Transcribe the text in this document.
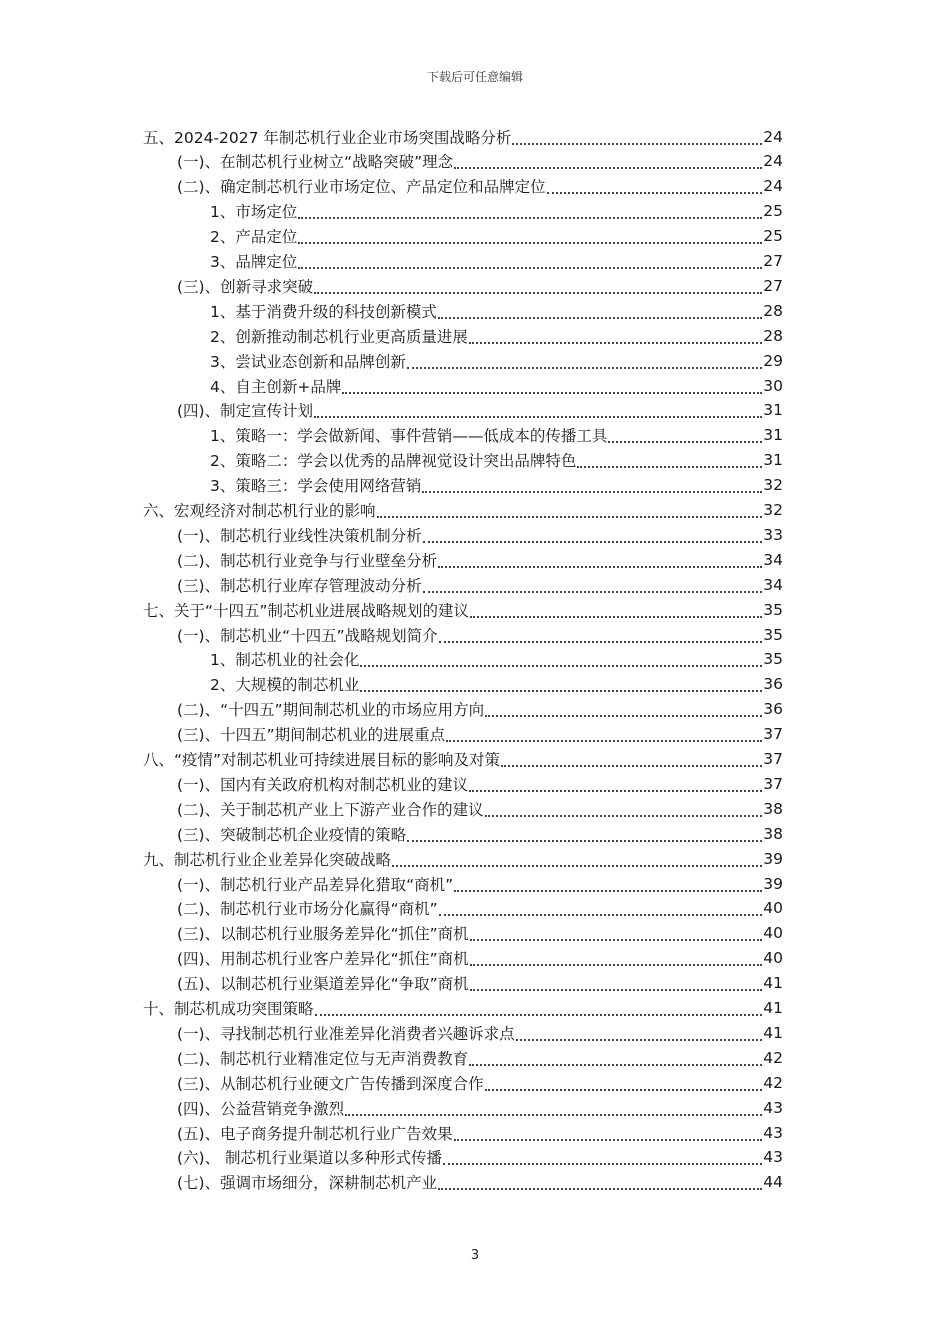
下载后可任意编辑
五、2024-2027 年制芯机行业企业市场突围战略分析	24
(一)、在制芯机行业树立“战略突破”理念	24
(二)、确定制芯机行业市场定位、产品定位和品牌定位	24
1、市场定位	25
2、产品定位	25
3、品牌定位	27
(三)、创新寻求突破	27
1、基于消费升级的科技创新模式	28
2、创新推动制芯机行业更高质量进展	28
3、尝试业态创新和品牌创新	29
4、自主创新+品牌	30
(四)、制定宣传计划	31
1、策略一：学会做新闻、事件营销——低成本的传播工具	31
2、策略二：学会以优秀的品牌视觉设计突出品牌特色	31
3、策略三：学会使用网络营销	32
六、宏观经济对制芯机行业的影响	32
(一)、制芯机行业线性决策机制分析	33
(二)、制芯机行业竞争与行业壁垒分析	34
(三)、制芯机行业库存管理波动分析	34
七、关于“十四五”制芯机业进展战略规划的建议	35
(一)、制芯机业“十四五”战略规划简介	35
1、制芯机业的社会化	35
2、大规模的制芯机业	36
(二)、“十四五”期间制芯机业的市场应用方向	36
(三)、十四五”期间制芯机业的进展重点	37
八、“疫情”对制芯机业可持续进展目标的影响及对策	37
(一)、国内有关政府机构对制芯机业的建议	37
(二)、关于制芯机产业上下游产业合作的建议	38
(三)、突破制芯机企业疫情的策略	38
九、制芯机行业企业差异化突破战略	39
(一)、制芯机行业产品差异化猎取“商机”	39
(二)、制芯机行业市场分化赢得“商机”	40
(三)、以制芯机行业服务差异化“抓住”商机	40
(四)、用制芯机行业客户差异化“抓住”商机	40
(五)、以制芯机行业渠道差异化“争取”商机	41
十、制芯机成功突围策略	41
(一)、寻找制芯机行业准差异化消费者兴趣诉求点	41
(二)、制芯机行业精准定位与无声消费教育	42
(三)、从制芯机行业硬文广告传播到深度合作	42
(四)、公益营销竞争激烈	43
(五)、电子商务提升制芯机行业广告效果	43
(六)、 制芯机行业渠道以多种形式传播	43
(七)、强调市场细分，深耕制芯机产业	44
3
